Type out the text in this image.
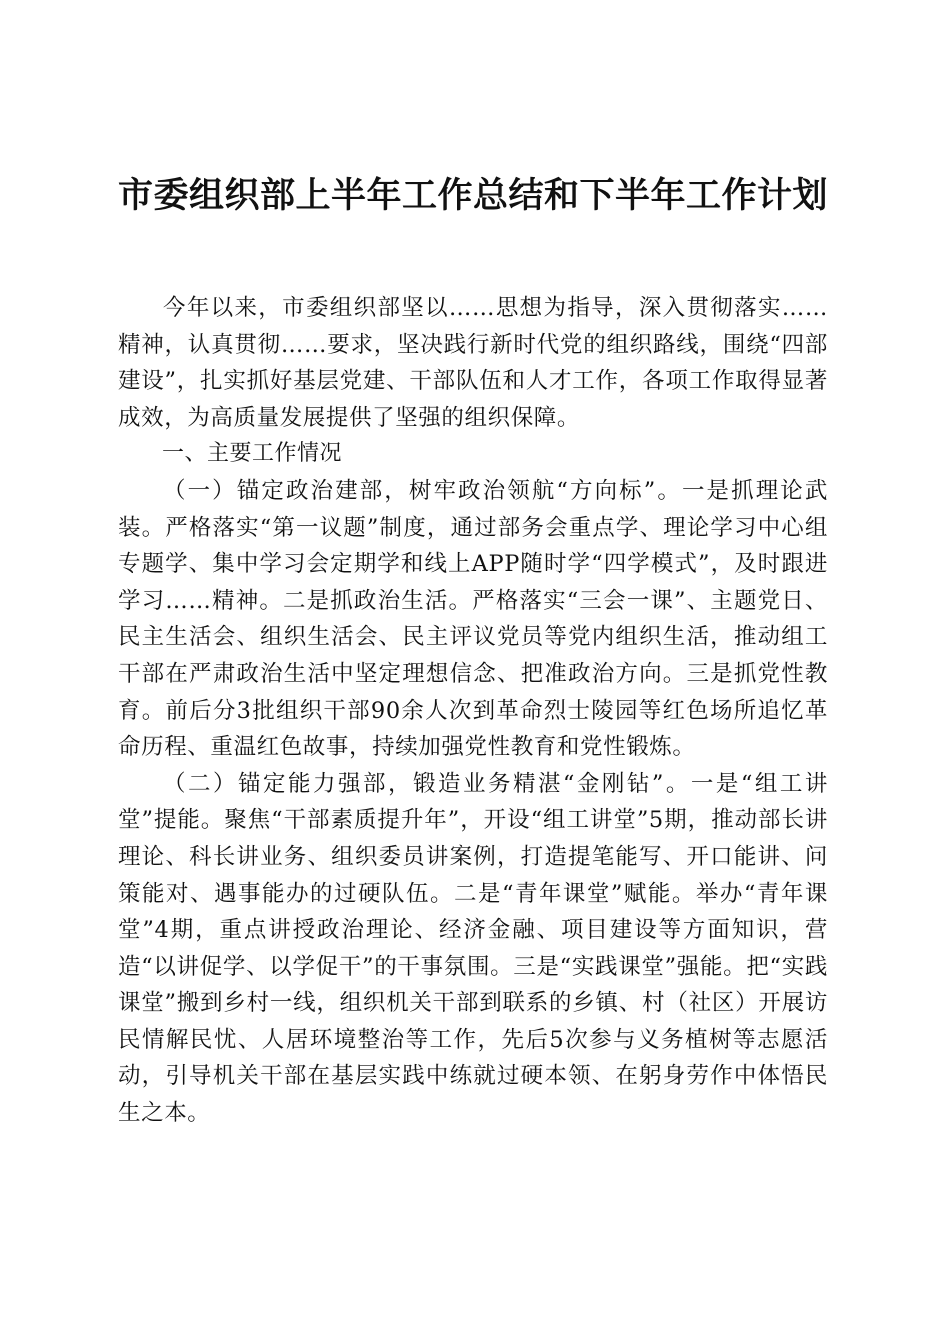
市委组织部上半年工作总结和下半年工作计划

今年以来，市委组织部坚以……思想为指导，深入贯彻落实……精神，认真贯彻……要求，坚决践行新时代党的组织路线，围绕“四部建设”，扎实抓好基层党建、干部队伍和人才工作，各项工作取得显著成效，为高质量发展提供了坚强的组织保障。

一、主要工作情况

（一）锚定政治建部，树牢政治领航“方向标”。一是抓理论武装。严格落实“第一议题”制度，通过部务会重点学、理论学习中心组专题学、集中学习会定期学和线上APP随时学“四学模式”，及时跟进学习……精神。二是抓政治生活。严格落实“三会一课”、主题党日、民主生活会、组织生活会、民主评议党员等党内组织生活，推动组工干部在严肃政治生活中坚定理想信念、把准政治方向。三是抓党性教育。前后分3批组织干部90余人次到革命烈士陵园等红色场所追忆革命历程、重温红色故事，持续加强党性教育和党性锻炼。

（二）锚定能力强部，锻造业务精湛“金刚钻”。一是“组工讲堂”提能。聚焦“干部素质提升年”，开设“组工讲堂”5期，推动部长讲理论、科长讲业务、组织委员讲案例，打造提笔能写、开口能讲、问策能对、遇事能办的过硬队伍。二是“青年课堂”赋能。举办“青年课堂”4期，重点讲授政治理论、经济金融、项目建设等方面知识，营造“以讲促学、以学促干”的干事氛围。三是“实践课堂”强能。把“实践课堂”搬到乡村一线，组织机关干部到联系的乡镇、村（社区）开展访民情解民忧、人居环境整治等工作，先后5次参与义务植树等志愿活动，引导机关干部在基层实践中练就过硬本领、在躬身劳作中体悟民生之本。
